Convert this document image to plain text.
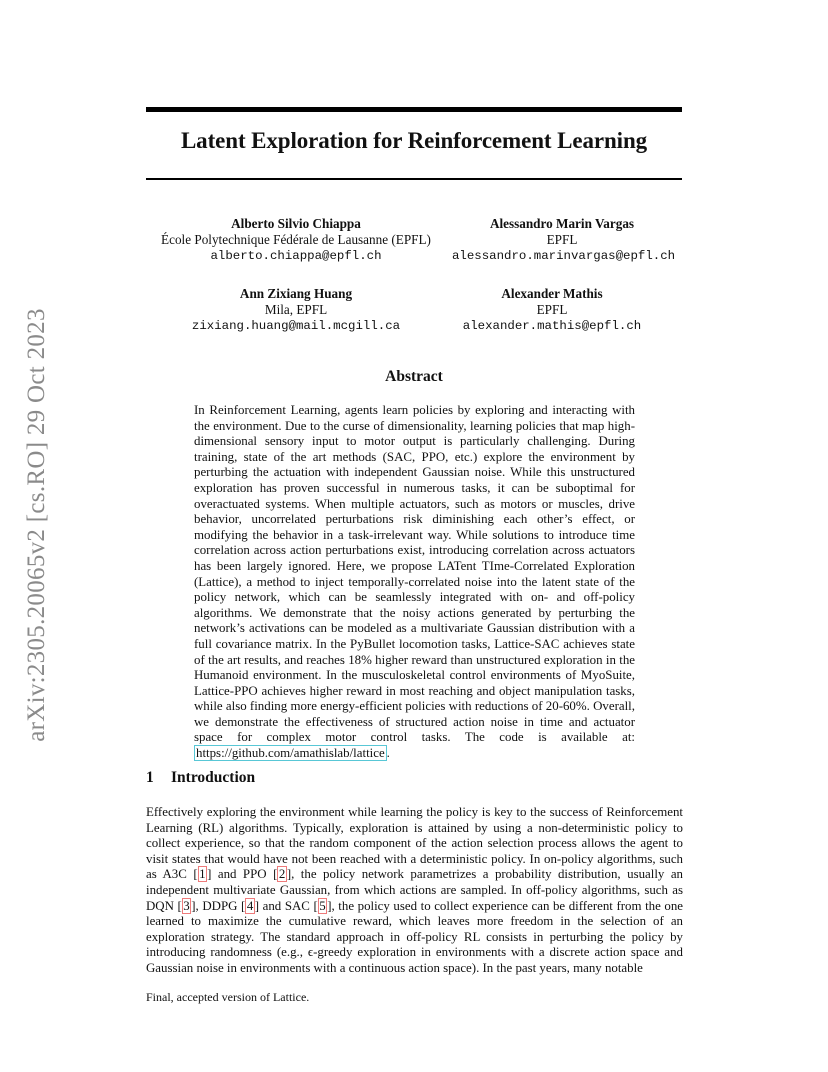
Latent Exploration for Reinforcement Learning
arXiv:2305.20065v2 [cs.RO] 29 Oct 2023
Alberto Silvio Chiappa
École Polytechnique Fédérale de Lausanne (EPFL)
alberto.chiappa@epfl.ch
Alessandro Marin Vargas
EPFL
alessandro.marinvargas@epfl.ch
Ann Zixiang Huang
Mila, EPFL
zixiang.huang@mail.mcgill.ca
Alexander Mathis
EPFL
alexander.mathis@epfl.ch
Abstract
In Reinforcement Learning, agents learn policies by exploring and interacting with the environment. Due to the curse of dimensionality, learning policies that map high-dimensional sensory input to motor output is particularly challenging. During training, state of the art methods (SAC, PPO, etc.) explore the environment by perturbing the actuation with independent Gaussian noise. While this unstructured exploration has proven successful in numerous tasks, it can be suboptimal for overactuated systems. When multiple actuators, such as motors or muscles, drive behavior, uncorrelated perturbations risk diminishing each other’s effect, or modifying the behavior in a task-irrelevant way. While solutions to introduce time correlation across action perturbations exist, introducing correlation across actuators has been largely ignored. Here, we propose LATent TIme-Correlated Exploration (Lattice), a method to inject temporally-correlated noise into the latent state of the policy network, which can be seamlessly integrated with on- and off-policy algorithms. We demonstrate that the noisy actions generated by perturbing the network’s activations can be modeled as a multivariate Gaussian distribution with a full covariance matrix. In the PyBullet locomotion tasks, Lattice-SAC achieves state of the art results, and reaches 18% higher reward than unstructured exploration in the Humanoid environment. In the musculoskeletal control environments of MyoSuite, Lattice-PPO achieves higher reward in most reaching and object manipulation tasks, while also finding more energy-efficient policies with reductions of 20-60%. Overall, we demonstrate the effectiveness of structured action noise in time and actuator space for complex motor control tasks. The code is available at: https://github.com/amathislab/lattice .
1 Introduction
Effectively exploring the environment while learning the policy is key to the success of Reinforcement Learning (RL) algorithms. Typically, exploration is attained by using a non-deterministic policy to collect experience, so that the random component of the action selection process allows the agent to visit states that would have not been reached with a deterministic policy. In on-policy algorithms, such as A3C [ 1 ] and PPO [ 2 ], the policy network parametrizes a probability distribution, usually an independent multivariate Gaussian, from which actions are sampled. In off-policy algorithms, such as DQN [ 3 ], DDPG [ 4 ] and SAC [ 5 ], the policy used to collect experience can be different from the one learned to maximize the cumulative reward, which leaves more freedom in the selection of an exploration strategy. The standard approach in off-policy RL consists in perturbing the policy by introducing randomness (e.g., ϵ-greedy exploration in environments with a discrete action space and Gaussian noise in environments with a continuous action space). In the past years, many notable
Final, accepted version of Lattice.
